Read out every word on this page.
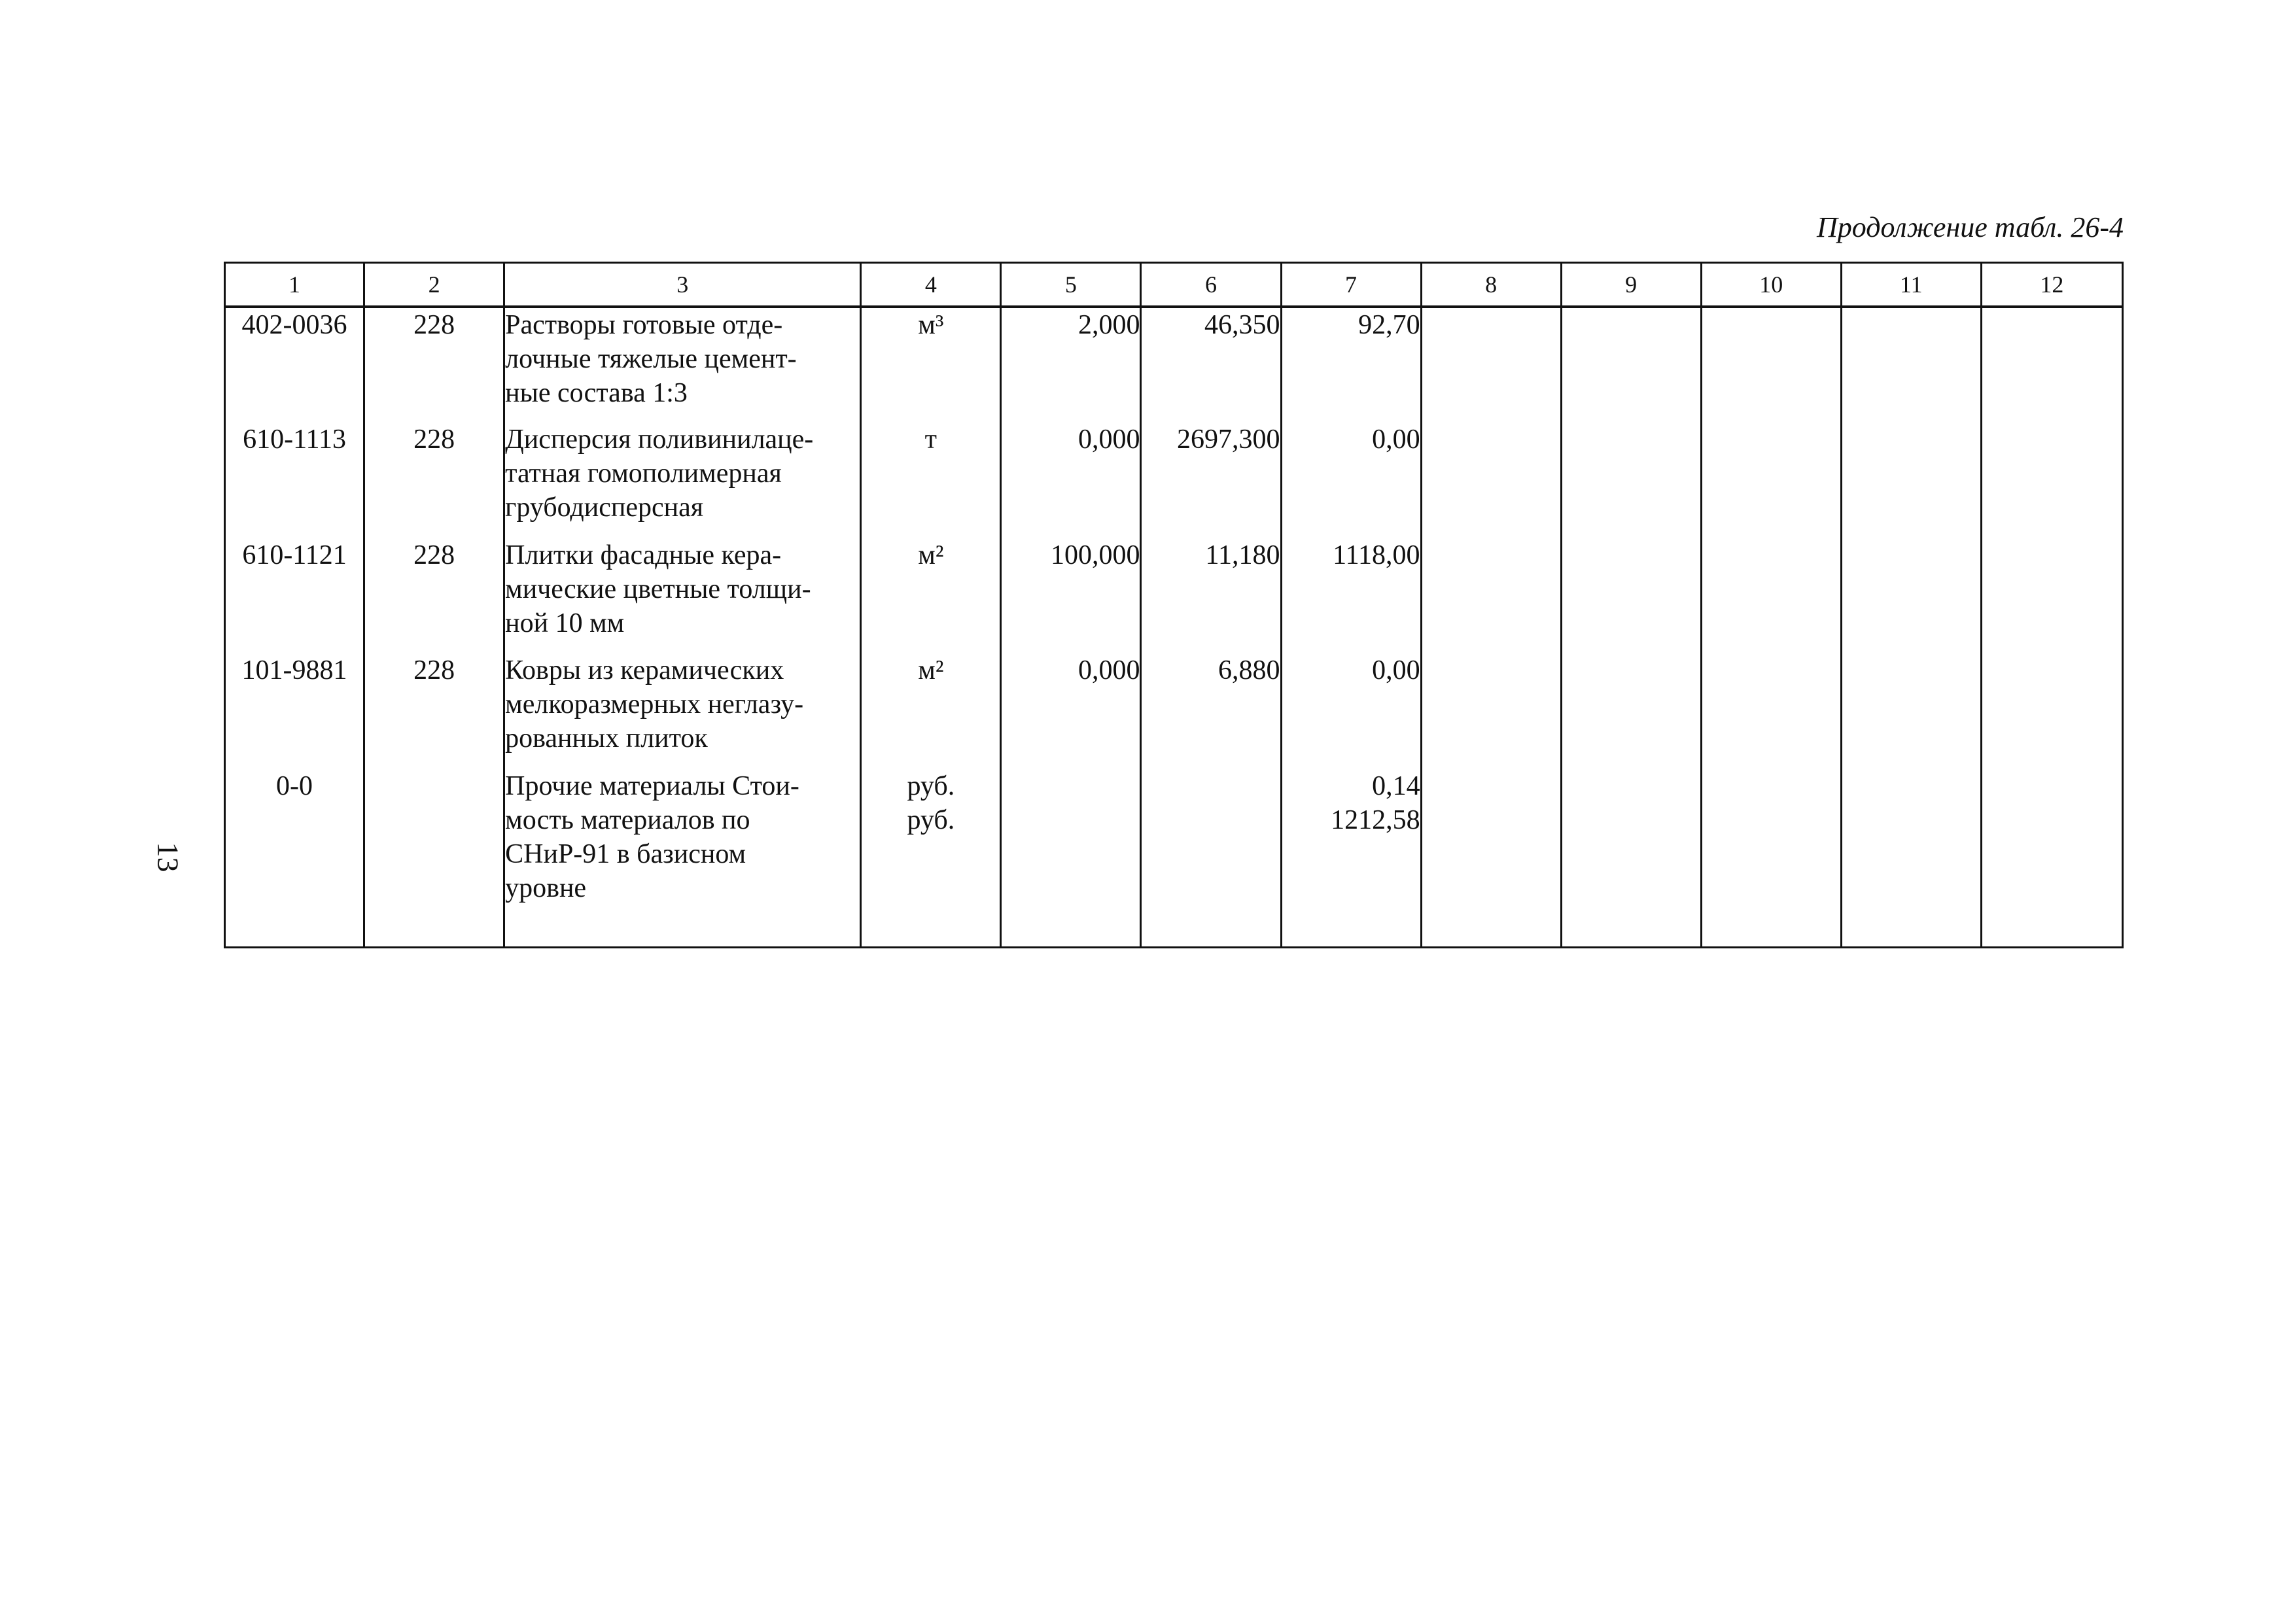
Продолжение табл. 26-4
13
1	2	3	4	5	6	7	8	9	10	11	12
402-0036	228	Растворы готовые отде-
лочные тяжелые цемент-
ные состава 1:3	м³	2,000	46,350	92,70					

610-1113	228	Дисперсия поливинилаце-
татная гомополимерная
грубодисперсная	т	0,000	2697,300	0,00					

610-1121	228	Плитки фасадные кера-
мические цветные толщи-
ной 10 мм	м²	100,000	11,180	1118,00					

101-9881	228	Ковры из керамических
мелкоразмерных неглазу-
рованных плиток	м²	0,000	6,880	0,00					

0-0		Прочие материалы Стои-
мость материалов по
СНиР-91 в базисном
уровне	руб.
руб.			0,14
1212,58					
